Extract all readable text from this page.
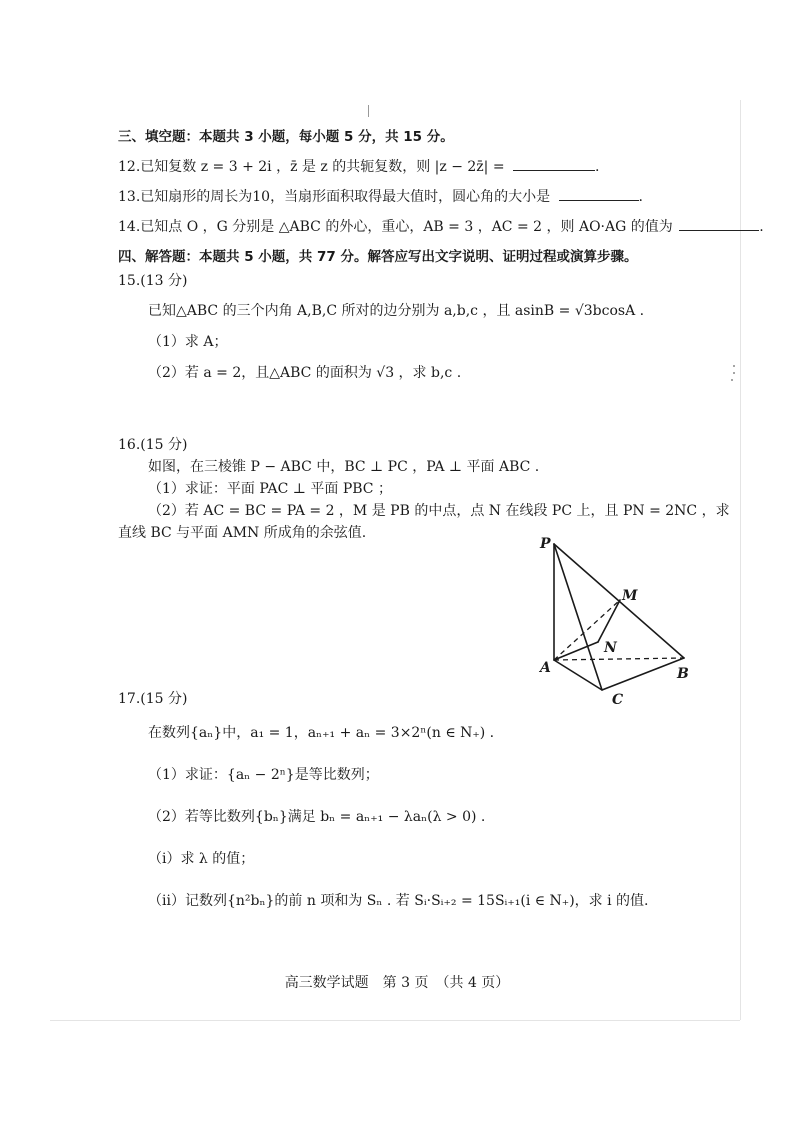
三、填空题：本题共 3 小题，每小题 5 分，共 15 分。
12.已知复数 z = 3 + 2i ，z̄ 是 z 的共轭复数，则 |z − 2z̄| =	.
13.已知扇形的周长为10，当扇形面积取得最大值时，圆心角的大小是	.
14.已知点 O ，G 分别是 △ABC 的外心，重心，AB = 3 ，AC = 2 ，则 AO·AG 的值为	.
四、解答题：本题共 5 小题，共 77 分。解答应写出文字说明、证明过程或演算步骤。
15.(13 分)
已知△ABC 的三个内角 A,B,C 所对的边分别为 a,b,c ，且 asinB = √3bcosA .
（1）求 A；
（2）若 a = 2，且△ABC 的面积为 √3 ，求 b,c .
16.(15 分)
如图，在三棱锥 P − ABC 中，BC ⊥ PC ，PA ⊥ 平面 ABC .
（1）求证：平面 PAC ⊥ 平面 PBC ；
（2）若 AC = BC = PA = 2 ，M 是 PB 的中点，点 N 在线段 PC 上，且 PN = 2NC ，求
直线 BC 与平面 AMN 所成角的余弦值.
P
M
N
A	B
C
17.(15 分)
在数列{aₙ}中，a₁ = 1，aₙ₊₁ + aₙ = 3×2ⁿ(n ∈ N₊) .
（1）求证：{aₙ − 2ⁿ}是等比数列；
（2）若等比数列{bₙ}满足 bₙ = aₙ₊₁ − λaₙ(λ > 0) .
（ⅰ）求 λ 的值；
（ⅱ）记数列{n²bₙ}的前 n 项和为 Sₙ . 若 Sᵢ·Sᵢ₊₂ = 15Sᵢ₊₁(i ∈ N₊)，求 i 的值.
高三数学试题　第 3 页　（共 4 页）
